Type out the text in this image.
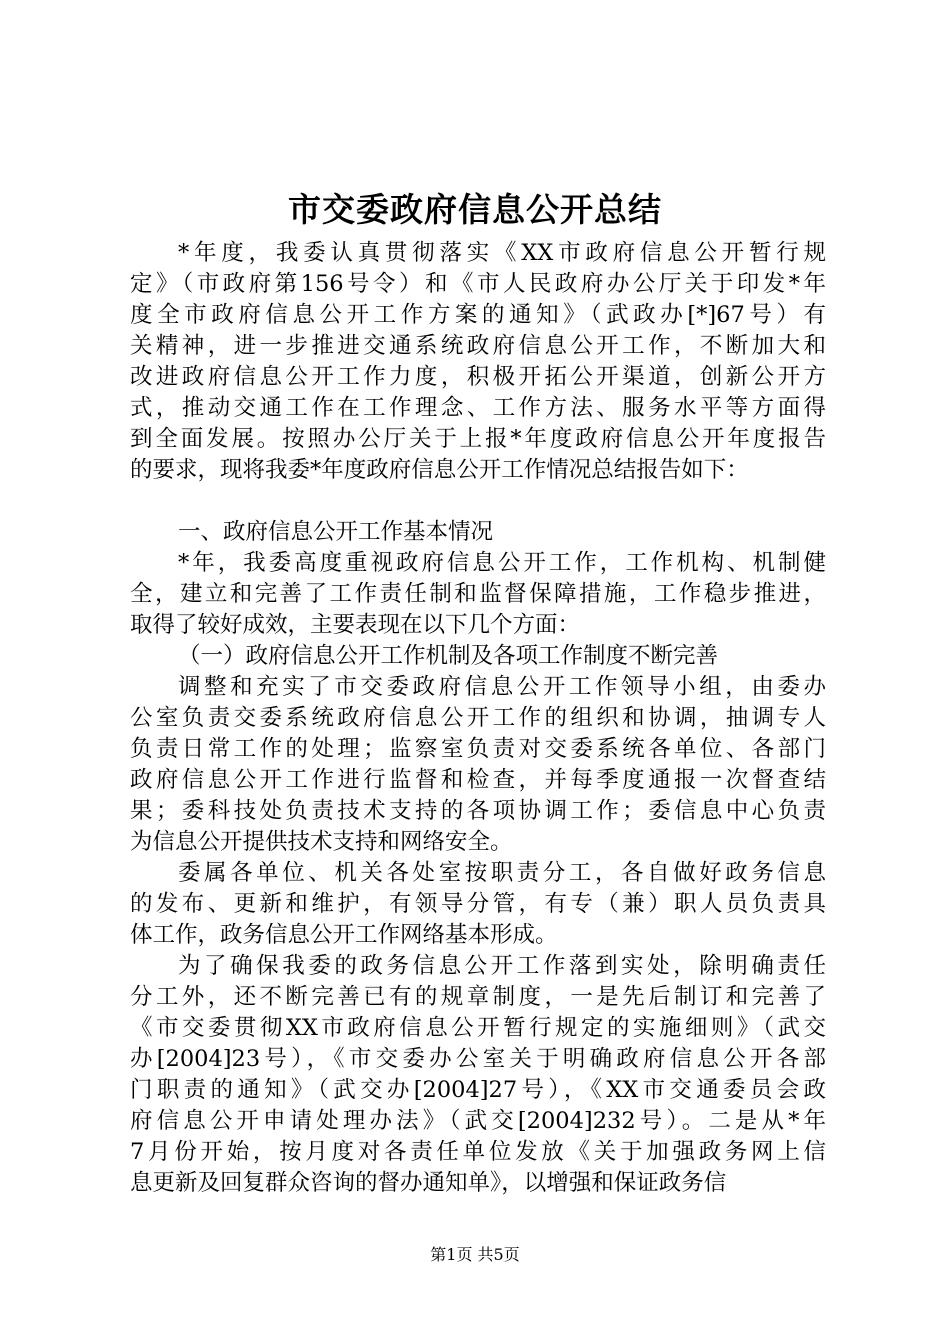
市交委政府信息公开总结
*年度，我委认真贯彻落实《XX市政府信息公开暂行规
定》（市政府第156号令）和《市人民政府办公厅关于印发*年
度全市政府信息公开工作方案的通知》（武政办[*]67号）有
关精神，进一步推进交通系统政府信息公开工作，不断加大和
改进政府信息公开工作力度，积极开拓公开渠道，创新公开方
式，推动交通工作在工作理念、工作方法、服务水平等方面得
到全面发展。按照办公厅关于上报*年度政府信息公开年度报告
的要求，现将我委*年度政府信息公开工作情况总结报告如下：
一、政府信息公开工作基本情况
*年，我委高度重视政府信息公开工作，工作机构、机制健
全，建立和完善了工作责任制和监督保障措施，工作稳步推进，
取得了较好成效，主要表现在以下几个方面：
（一）政府信息公开工作机制及各项工作制度不断完善
调整和充实了市交委政府信息公开工作领导小组，由委办
公室负责交委系统政府信息公开工作的组织和协调，抽调专人
负责日常工作的处理；监察室负责对交委系统各单位、各部门
政府信息公开工作进行监督和检查，并每季度通报一次督查结
果；委科技处负责技术支持的各项协调工作；委信息中心负责
为信息公开提供技术支持和网络安全。
委属各单位、机关各处室按职责分工，各自做好政务信息
的发布、更新和维护，有领导分管，有专（兼）职人员负责具
体工作，政务信息公开工作网络基本形成。
为了确保我委的政务信息公开工作落到实处，除明确责任
分工外，还不断完善已有的规章制度，一是先后制订和完善了
《市交委贯彻XX市政府信息公开暂行规定的实施细则》（武交
办[2004]23号），《市交委办公室关于明确政府信息公开各部
门职责的通知》（武交办[2004]27号），《XX市交通委员会政
府信息公开申请处理办法》（武交[2004]232号）。二是从*年
7月份开始，按月度对各责任单位发放《关于加强政务网上信
息更新及回复群众咨询的督办通知单》，以增强和保证政务信
第1页 共5页
